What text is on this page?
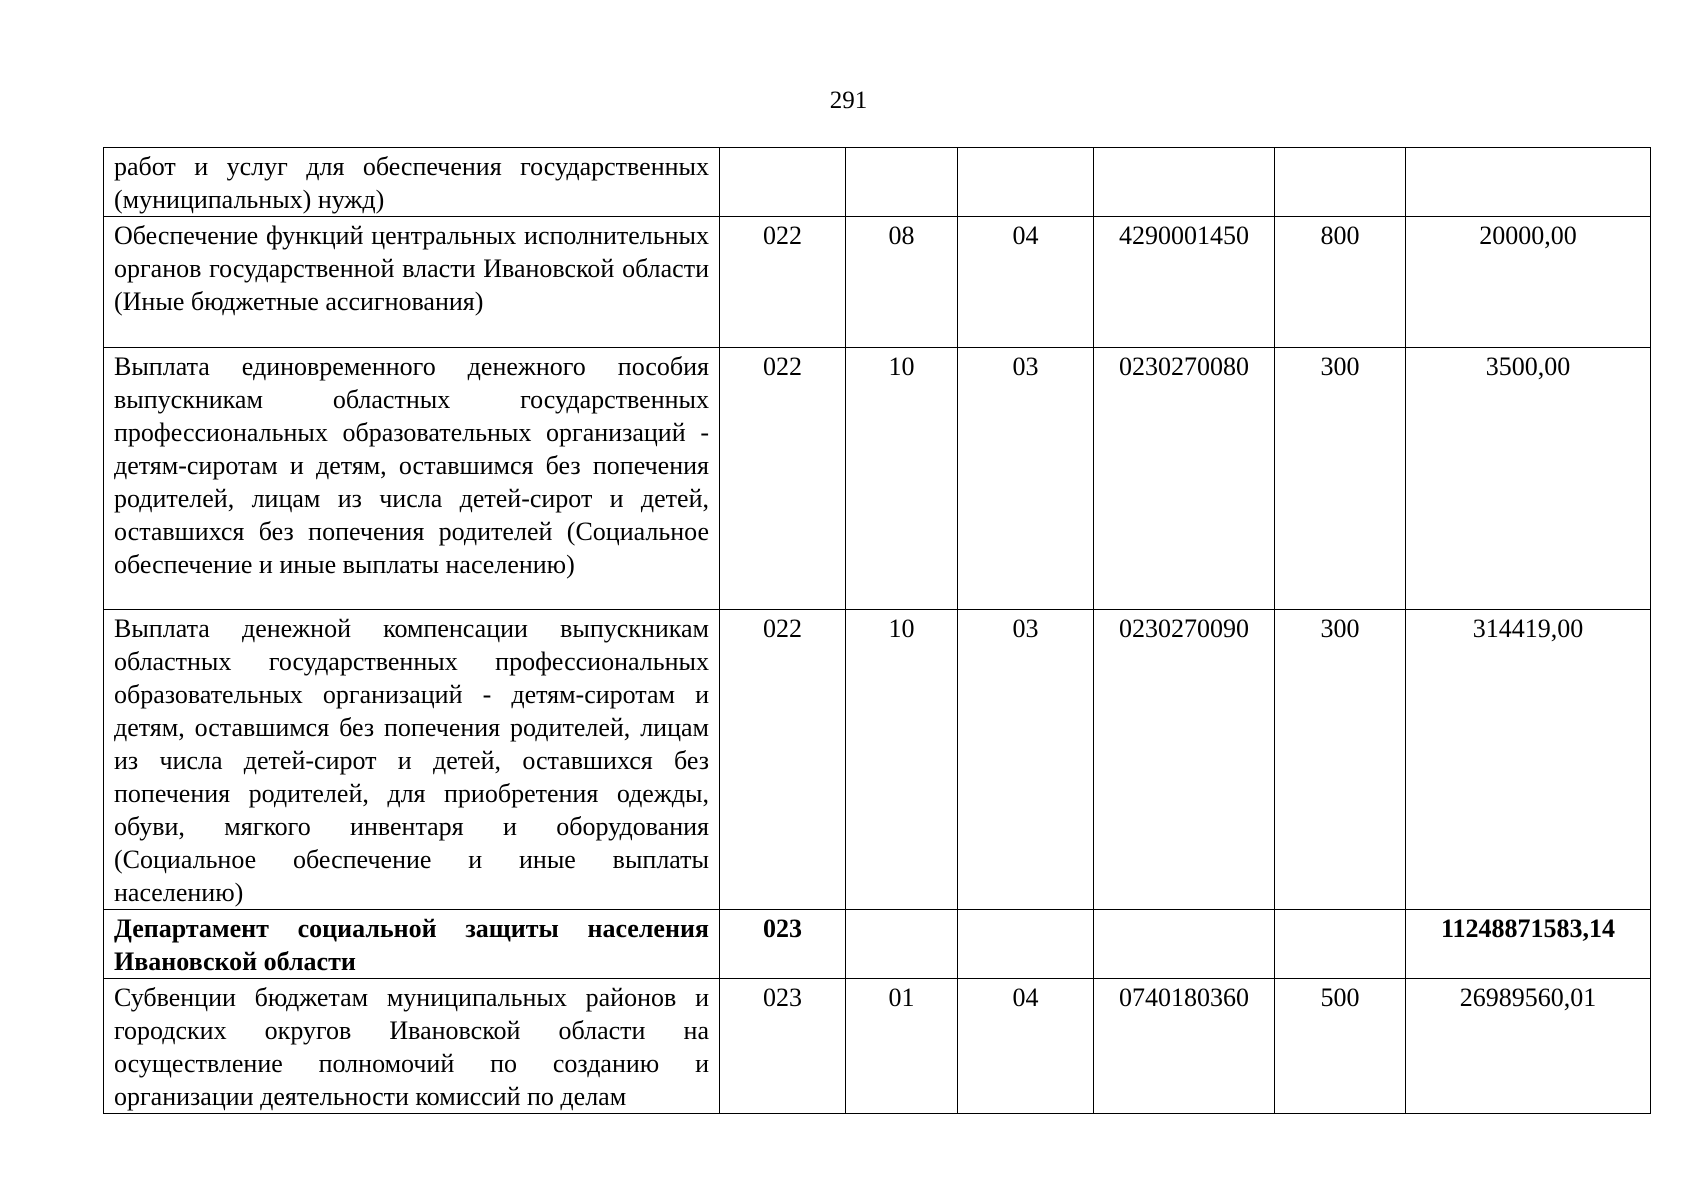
291
работ и услуг для обеспечения государственных (муниципальных) нужд)						
Обеспечение функций центральных исполнительных органов государственной власти Ивановской области (Иные бюджетные ассигнования)	022	08	04	4290001450	800	20000,00
Выплата единовременного денежного пособия выпускникам областных государственных профессиональных образовательных организаций - детям-сиротам и детям, оставшимся без попечения родителей, лицам из числа детей-сирот и детей, оставшихся без попечения родителей (Социальное обеспечение и иные выплаты населению)	022	10	03	0230270080	300	3500,00
Выплата денежной компенсации выпускникам областных государственных профессиональных образовательных организаций - детям-сиротам и детям, оставшимся без попечения родителей, лицам из числа детей-сирот и детей, оставшихся без попечения родителей, для приобретения одежды, обуви, мягкого инвентаря и оборудования (Социальное обеспечение и иные выплаты населению)	022	10	03	0230270090	300	314419,00
Департамент социальной защиты населения Ивановской области	023					11248871583,14
Субвенции бюджетам муниципальных районов и городских округов Ивановской области на осуществление полномочий по созданию и организации деятельности комиссий по делам	023	01	04	0740180360	500	26989560,01
